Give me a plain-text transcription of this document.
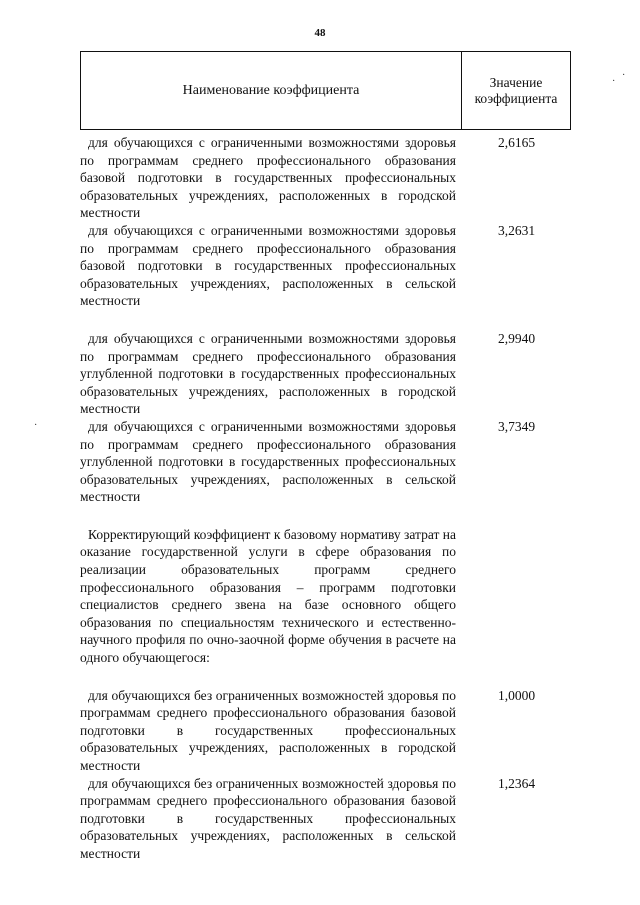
48
Наименование коэффициента
Значение
коэффициента
для обучающихся с ограниченными возможностями здоровья по программам среднего профессионального образования базовой подготовки в государственных профессиональных образовательных учреждениях, расположенных в городской местности
2,6165
для обучающихся с ограниченными возможностями здоровья по программам среднего профессионального образования базовой подготовки в государственных профессиональных образовательных учреждениях, расположенных в сельской местности
3,2631
для обучающихся с ограниченными возможностями здоровья по программам среднего профессионального образования углубленной подготовки в государственных профессиональных образовательных учреждениях, расположенных в городской местности
2,9940
для обучающихся с ограниченными возможностями здоровья по программам среднего профессионального образования углубленной подготовки в государственных профессиональных образовательных учреждениях, расположенных в сельской местности
3,7349
Корректирующий коэффициент к базовому нормативу затрат на оказание государственной услуги в сфере образования по реализации образовательных программ среднего профессионального образования – программ подготовки специалистов среднего звена на базе основного общего образования по специальностям технического и естественно-научного профиля по очно-заочной форме обучения в расчете на одного обучающегося:
для обучающихся без ограниченных возможностей здоровья по программам среднего профессионального образования базовой подготовки в государственных профессиональных образовательных учреждениях, расположенных в городской местности
1,0000
для обучающихся без ограниченных возможностей здоровья по программам среднего профессионального образования базовой подготовки в государственных профессиональных образовательных учреждениях, расположенных в сельской местности
1,2364
·
·
·
